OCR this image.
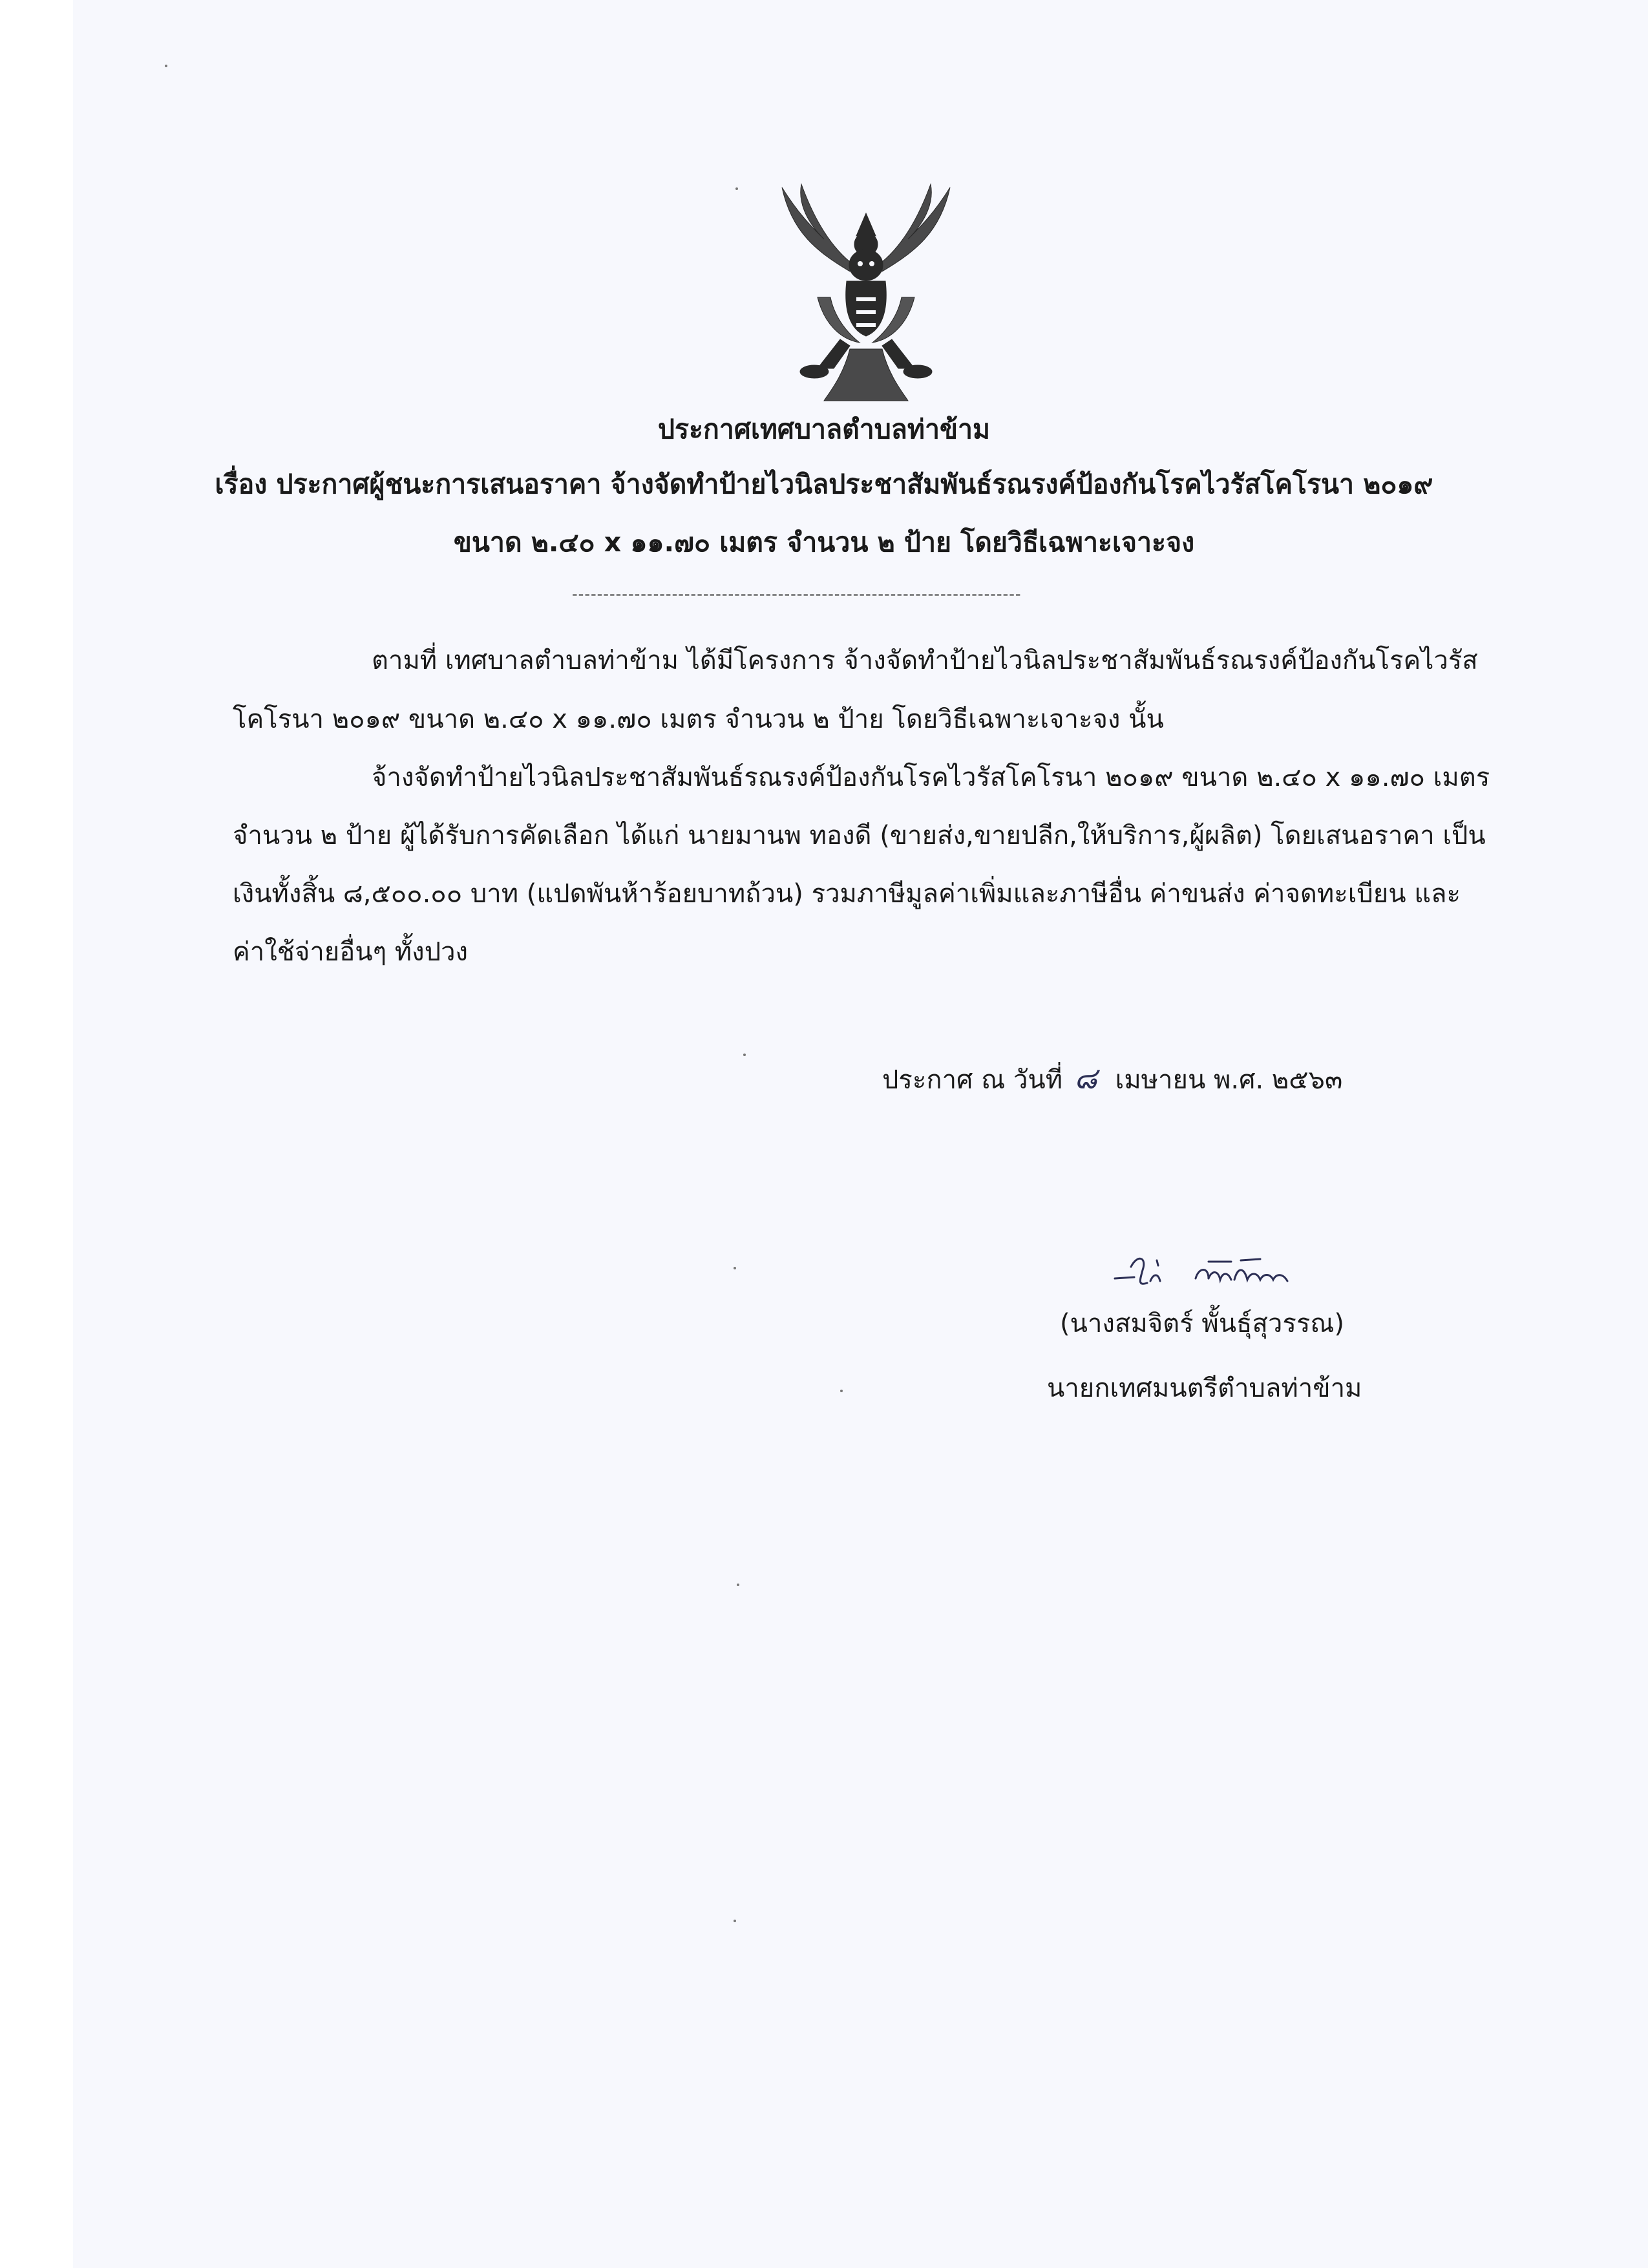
ประกาศเทศบาลตำบลท่าข้าม
เรื่อง ประกาศผู้ชนะการเสนอราคา จ้างจัดทำป้ายไวนิลประชาสัมพันธ์รณรงค์ป้องกันโรคไวรัสโคโรนา ๒๐๑๙
ขนาด ๒.๔๐ x ๑๑.๗๐ เมตร จำนวน ๒ ป้าย โดยวิธีเฉพาะเจาะจง
------------------------------------------------------------------------
ตามที่ เทศบาลตำบลท่าข้าม ได้มีโครงการ จ้างจัดทำป้ายไวนิลประชาสัมพันธ์รณรงค์ป้องกันโรคไวรัส
โคโรนา ๒๐๑๙ ขนาด ๒.๔๐ x ๑๑.๗๐ เมตร จำนวน ๒ ป้าย โดยวิธีเฉพาะเจาะจง นั้น
จ้างจัดทำป้ายไวนิลประชาสัมพันธ์รณรงค์ป้องกันโรคไวรัสโคโรนา ๒๐๑๙ ขนาด ๒.๔๐ x ๑๑.๗๐ เมตร
จำนวน ๒ ป้าย ผู้ได้รับการคัดเลือก ได้แก่ นายมานพ ทองดี (ขายส่ง,ขายปลีก,ให้บริการ,ผู้ผลิต) โดยเสนอราคา เป็น
เงินทั้งสิ้น ๘,๕๐๐.๐๐ บาท (แปดพันห้าร้อยบาทถ้วน) รวมภาษีมูลค่าเพิ่มและภาษีอื่น ค่าขนส่ง ค่าจดทะเบียน และ
ค่าใช้จ่ายอื่นๆ ทั้งปวง
ประกาศ ณ วันที่ ๘ เมษายน พ.ศ. ๒๕๖๓
(นางสมจิตร์ พั้นธุ์สุวรรณ)
นายกเทศมนตรีตำบลท่าข้าม
